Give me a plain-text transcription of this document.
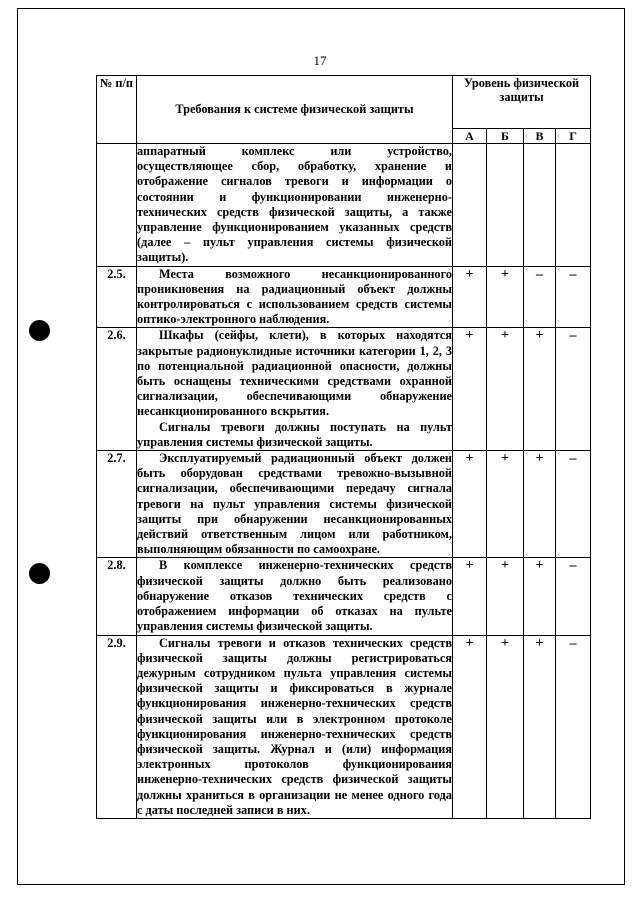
17
№ п/п	Требования к системе физической защиты	Уровень физической защиты			
		А	Б	В	Г

	аппаратный комплекс или устройство, осуществляющее сбор, обработку, хранение и отображение сигналов тревоги и информации о состоянии и функционировании инженерно-технических средств физической защиты, а также управление функционированием указанных средств (далее – пульт управления системы физической защиты).				

2.5.	Места возможного несанкционированного проникновения на радиационный объект должны контролироваться с использованием средств системы оптико-электронного наблюдения.	+	+	–	–
2.6.	Шкафы (сейфы, клети), в которых находятся закрытые радионуклидные источники категории 1, 2, 3 по потенциальной радиационной опасности, должны быть оснащены техническими средствами охранной сигнализации, обеспечивающими обнаружение несанкционированного вскрытия.

Сигналы тревоги должны поступать на пульт управления системы физической защиты.	+	+	+	–
2.7.	Эксплуатируемый радиационный объект должен быть оборудован средствами тревожно-вызывной сигнализации, обеспечивающими передачу сигнала тревоги на пульт управления системы физической защиты при обнаружении несанкционированных действий ответственным лицом или работником, выполняющим обязанности по самоохране.	+	+	+	–
2.8.	В комплексе инженерно-технических средств физической защиты должно быть реализовано обнаружение отказов технических средств с отображением информации об отказах на пульте управления системы физической защиты.	+	+	+	–
2.9.	Сигналы тревоги и отказов технических средств физической защиты должны регистрироваться дежурным сотрудником пульта управления системы физической защиты и фиксироваться в журнале функционирования инженерно-технических средств физической защиты или в электронном протоколе функционирования инженерно-технических средств физической защиты. Журнал и (или) информация электронных протоколов функционирования инженерно-технических средств физической защиты должны храниться в организации не менее одного года с даты последней записи в них.	+	+	+	–
